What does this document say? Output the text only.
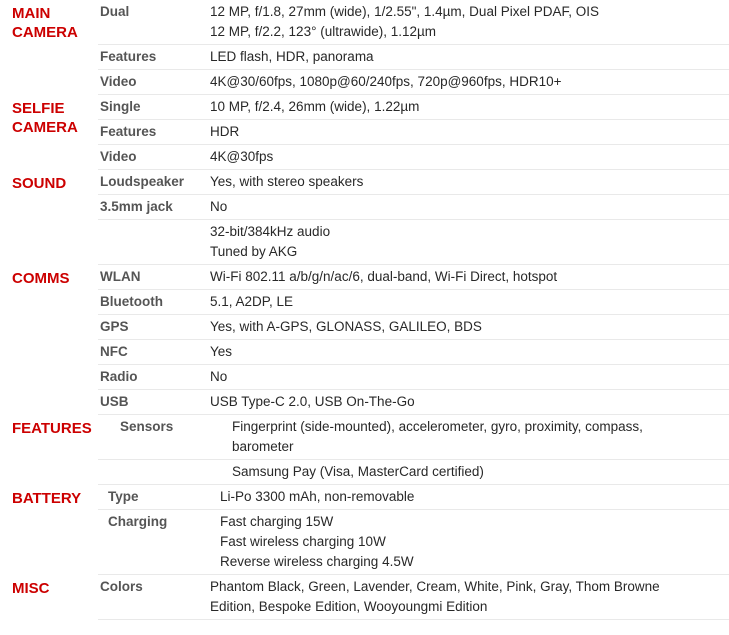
MAIN CAMERA
Dual	12 MP, f/1.8, 27mm (wide), 1/2.55", 1.4µm, Dual Pixel PDAF, OIS
12 MP, f/2.2, 123° (ultrawide), 1.12µm
Features	LED flash, HDR, panorama
Video	4K@30/60fps, 1080p@60/240fps, 720p@960fps, HDR10+
SELFIE CAMERA
Single	10 MP, f/2.4, 26mm (wide), 1.22µm
Features	HDR
Video	4K@30fps
SOUND	Loudspeaker	Yes, with stereo speakers
3.5mm jack	No
32-bit/384kHz audio
Tuned by AKG
COMMS	WLAN	Wi-Fi 802.11 a/b/g/n/ac/6, dual-band, Wi-Fi Direct, hotspot
Bluetooth	5.1, A2DP, LE
GPS	Yes, with A-GPS, GLONASS, GALILEO, BDS
NFC	Yes
Radio	No
USB	USB Type-C 2.0, USB On-The-Go
FEATURES	Sensors	Fingerprint (side-mounted), accelerometer, gyro, proximity, compass,
barometer
Samsung Pay (Visa, MasterCard certified)
BATTERY	Type	Li-Po 3300 mAh, non-removable
Charging	Fast charging 15W
Fast wireless charging 10W
Reverse wireless charging 4.5W
MISC	Colors	Phantom Black, Green, Lavender, Cream, White, Pink, Gray, Thom Browne
Edition, Bespoke Edition, Wooyoungmi Edition
